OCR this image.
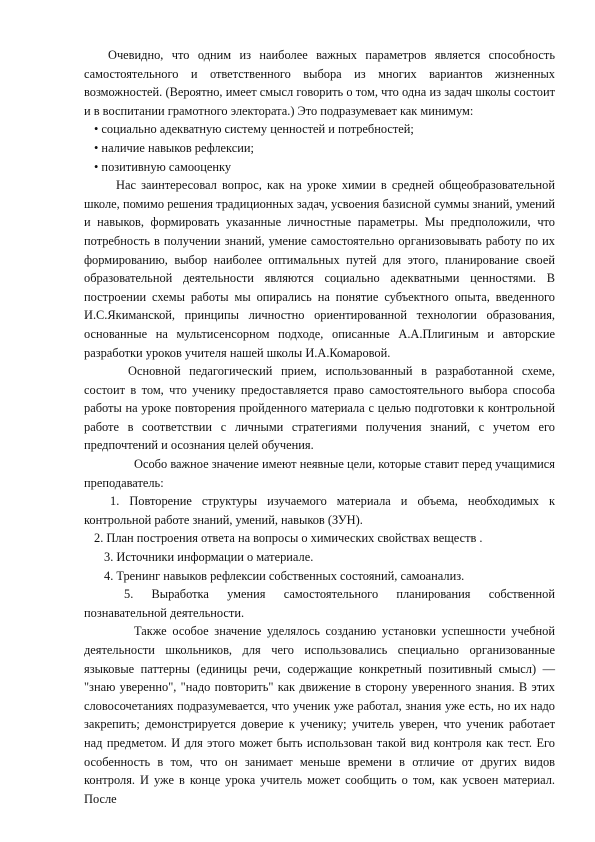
Очевидно, что одним из наиболее важных параметров является способность самостоятельного и ответственного выбора из многих вариантов жизненных возможностей. (Вероятно, имеет смысл говорить о том, что одна из задач школы состоит и в воспитании грамотного электората.) Это подразумевает как минимум:

• социально адекватную систему ценностей и потребностей;

• наличие навыков рефлексии;

• позитивную самооценку

Нас заинтересовал вопрос, как на уроке химии в средней общеобразовательной школе, помимо решения традиционных задач, усвоения базисной суммы знаний, умений и навыков, формировать указанные личностные параметры. Мы предположили, что потребность в получении знаний, умение самостоятельно организовывать работу по их формированию, выбор наиболее оптимальных путей для этого, планирование своей образовательной деятельности являются социально адекватными ценностями. В построении схемы работы мы опирались на понятие субъектного опыта, введенного И.С.Якиманской, принципы личностно ориентированной технологии образования, основанные на мультисенсорном подходе, описанные А.А.Плигиным и авторские разработки уроков учителя нашей школы И.А.Комаровой.

Основной педагогический прием, использованный в разработанной схеме, состоит в том, что ученику предоставляется право самостоятельного выбора способа работы на уроке повторения пройденного материала с целью подготовки к контрольной работе в соответствии с личными стратегиями получения знаний, с учетом его предпочтений и осознания целей обучения.

Особо важное значение имеют неявные цели, которые ставит перед учащимися преподаватель:

1. Повторение структуры изучаемого материала и объема, необходимых к контрольной работе знаний, умений, навыков (ЗУН).

2. План построения ответа на вопросы о химических свойствах веществ .

3. Источники информации о материале.

4. Тренинг навыков рефлексии собственных состояний, самоанализ.

5. Выработка умения самостоятельного планирования собственной познавательной деятельности.

Также особое значение уделялось созданию установки успешности учебной деятельности школьников, для чего использовались специально организованные языковые паттерны (единицы речи, содержащие конкретный позитивный смысл) — "знаю уверенно", "надо повторить" как движение в сторону уверенного знания. В этих словосочетаниях подразумевается, что ученик уже работал, знания уже есть, но их надо закрепить; демонстрируется доверие к ученику; учитель уверен, что ученик работает над предметом. И для этого может быть использован такой вид контроля как тест. Его особенность в том, что он занимает меньше времени в отличие от других видов контроля. И уже в конце урока учитель может сообщить о том, как усвоен материал. После
